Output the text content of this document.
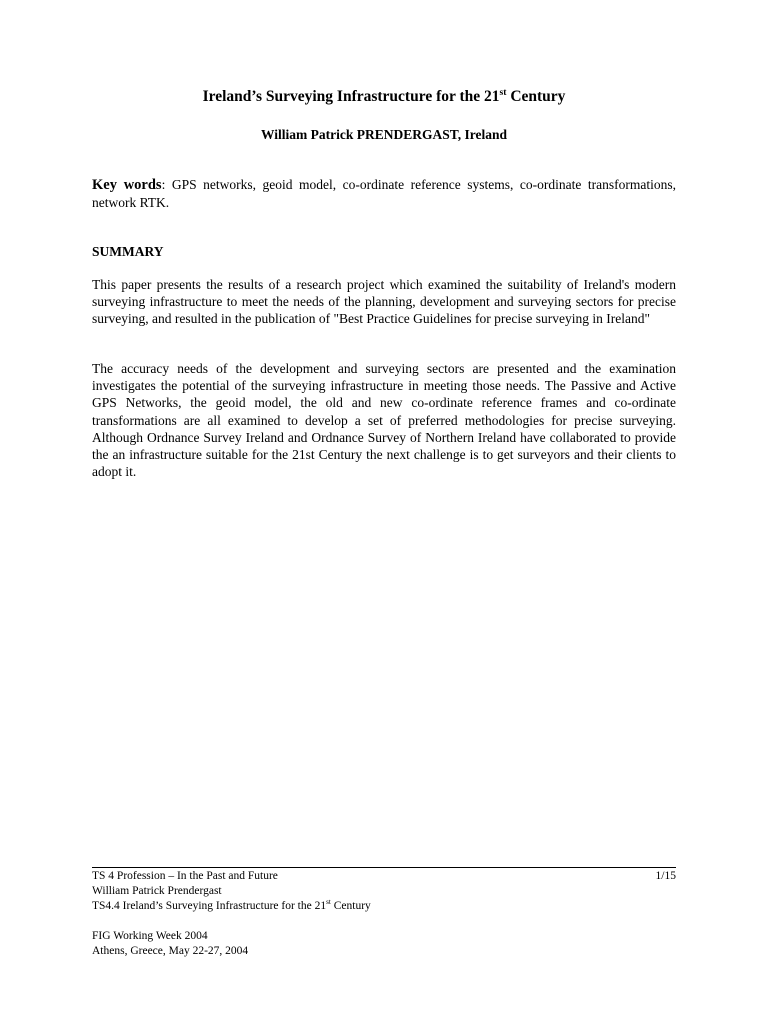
Ireland’s Surveying Infrastructure for the 21st Century
William Patrick PRENDERGAST, Ireland
Key words: GPS networks, geoid model, co-ordinate reference systems, co-ordinate transformations, network RTK.
SUMMARY

This paper presents the results of a research project which examined the suitability of Ireland's modern surveying infrastructure to meet the needs of the planning, development and surveying sectors for precise surveying, and resulted in the publication of "Best Practice Guidelines for precise surveying in Ireland"

The accuracy needs of the development and surveying sectors are presented and the examination investigates the potential of the surveying infrastructure in meeting those needs. The Passive and Active GPS Networks, the geoid model, the old and new co-ordinate reference frames and co-ordinate transformations are all examined to develop a set of preferred methodologies for precise surveying. Although Ordnance Survey Ireland and Ordnance Survey of Northern Ireland have collaborated to provide the an infrastructure suitable for the 21st Century the next challenge is to get surveyors and their clients to adopt it.

TS 4 Profession – In the Past and Future
William Patrick Prendergast
TS4.4 Ireland’s Surveying Infrastructure for the 21st Century
FIG Working Week 2004
Athens, Greece, May 22-27, 2004
1/15
